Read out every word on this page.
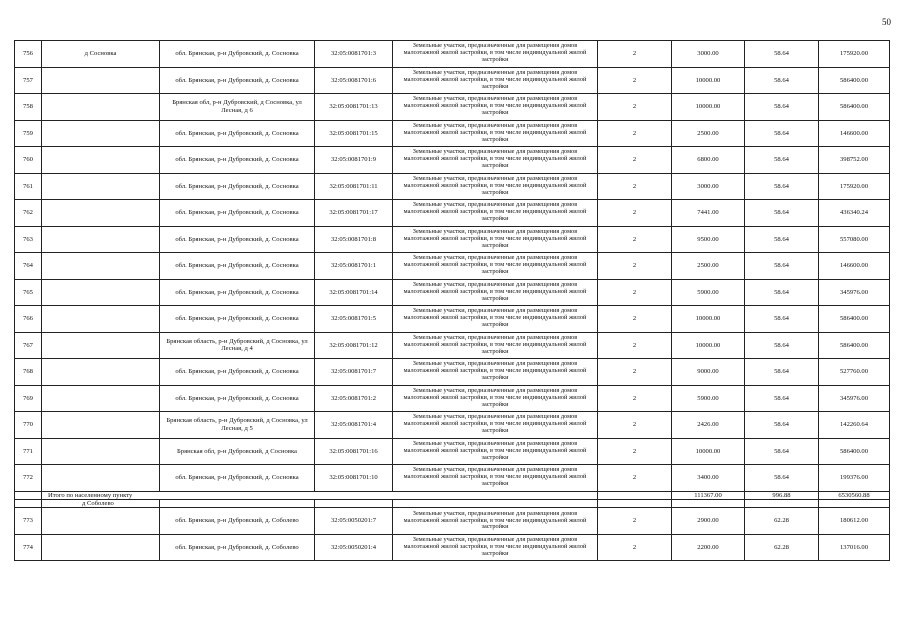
50
756	д Сосновка	обл. Брянская, р-н Дубровский, д. Сосновка	32:05:0081701:3	Земельные участки, предназначенные для размещения домов малоэтажной жилой застройки, в том числе индивидуальной жилой застройки	2	3000.00	58.64	175920.00
757		обл. Брянская, р-н Дубровский, д. Сосновка	32:05:0081701:6	Земельные участки, предназначенные для размещения домов малоэтажной жилой застройки, в том числе индивидуальной жилой застройки	2	10000.00	58.64	586400.00
758		Брянская обл, р-н Дубровский, д Сосновка, ул Лесная, д 6	32:05:0081701:13	Земельные участки, предназначенные для размещения домов малоэтажной жилой застройки, в том числе индивидуальной жилой застройки	2	10000.00	58.64	586400.00
759		обл. Брянская, р-н Дубровский, д. Сосновка	32:05:0081701:15	Земельные участки, предназначенные для размещения домов малоэтажной жилой застройки, в том числе индивидуальной жилой застройки	2	2500.00	58.64	146600.00
760		обл. Брянская, р-н Дубровский, д. Сосновка	32:05:0081701:9	Земельные участки, предназначенные для размещения домов малоэтажной жилой застройки, в том числе индивидуальной жилой застройки	2	6800.00	58.64	398752.00
761		обл. Брянская, р-н Дубровский, д. Сосновка	32:05:0081701:11	Земельные участки, предназначенные для размещения домов малоэтажной жилой застройки, в том числе индивидуальной жилой застройки	2	3000.00	58.64	175920.00
762		обл. Брянская, р-н Дубровский, д. Сосновка	32:05:0081701:17	Земельные участки, предназначенные для размещения домов малоэтажной жилой застройки, в том числе индивидуальной жилой застройки	2	7441.00	58.64	436340.24
763		обл. Брянская, р-н Дубровский, д. Сосновка	32:05:0081701:8	Земельные участки, предназначенные для размещения домов малоэтажной жилой застройки, в том числе индивидуальной жилой застройки	2	9500.00	58.64	557080.00
764		обл. Брянская, р-н Дубровский, д. Сосновка	32:05:0081701:1	Земельные участки, предназначенные для размещения домов малоэтажной жилой застройки, в том числе индивидуальной жилой застройки	2	2500.00	58.64	146600.00
765		обл. Брянская, р-н Дубровский, д. Сосновка	32:05:0081701:14	Земельные участки, предназначенные для размещения домов малоэтажной жилой застройки, в том числе индивидуальной жилой застройки	2	5900.00	58.64	345976.00
766		обл. Брянская, р-н Дубровский, д. Сосновка	32:05:0081701:5	Земельные участки, предназначенные для размещения домов малоэтажной жилой застройки, в том числе индивидуальной жилой застройки	2	10000.00	58.64	586400.00
767		Брянская область, р-н Дубровский, д Сосновка, ул Лесная, д 4	32:05:0081701:12	Земельные участки, предназначенные для размещения домов малоэтажной жилой застройки, в том числе индивидуальной жилой застройки	2	10000.00	58.64	586400.00
768		обл. Брянская, р-н Дубровский, д. Сосновка	32:05:0081701:7	Земельные участки, предназначенные для размещения домов малоэтажной жилой застройки, в том числе индивидуальной жилой застройки	2	9000.00	58.64	527760.00
769		обл. Брянская, р-н Дубровский, д. Сосновка	32:05:0081701:2	Земельные участки, предназначенные для размещения домов малоэтажной жилой застройки, в том числе индивидуальной жилой застройки	2	5900.00	58.64	345976.00
770		Брянская область, р-н Дубровский, д Сосновка, ул Лесная, д 5	32:05:0081701:4	Земельные участки, предназначенные для размещения домов малоэтажной жилой застройки, в том числе индивидуальной жилой застройки	2	2426.00	58.64	142260.64
771		Брянская обл, р-н Дубровский, д Сосновка	32:05:0081701:16	Земельные участки, предназначенные для размещения домов малоэтажной жилой застройки, в том числе индивидуальной жилой застройки	2	10000.00	58.64	586400.00
772		обл. Брянская, р-н Дубровский, д. Сосновка	32:05:0081701:10	Земельные участки, предназначенные для размещения домов малоэтажной жилой застройки, в том числе индивидуальной жилой застройки	2	3400.00	58.64	199376.00
	Итого по населенному пункту					111367.00	996.88	6530560.88
	д Соболево							
773		обл. Брянская, р-н Дубровский, д. Соболево	32:05:0050201:7	Земельные участки, предназначенные для размещения домов малоэтажной жилой застройки, в том числе индивидуальной жилой застройки	2	2900.00	62.28	180612.00
774		обл. Брянская, р-н Дубровский, д. Соболево	32:05:0050201:4	Земельные участки, предназначенные для размещения домов малоэтажной жилой застройки, в том числе индивидуальной жилой застройки	2	2200.00	62.28	137016.00
